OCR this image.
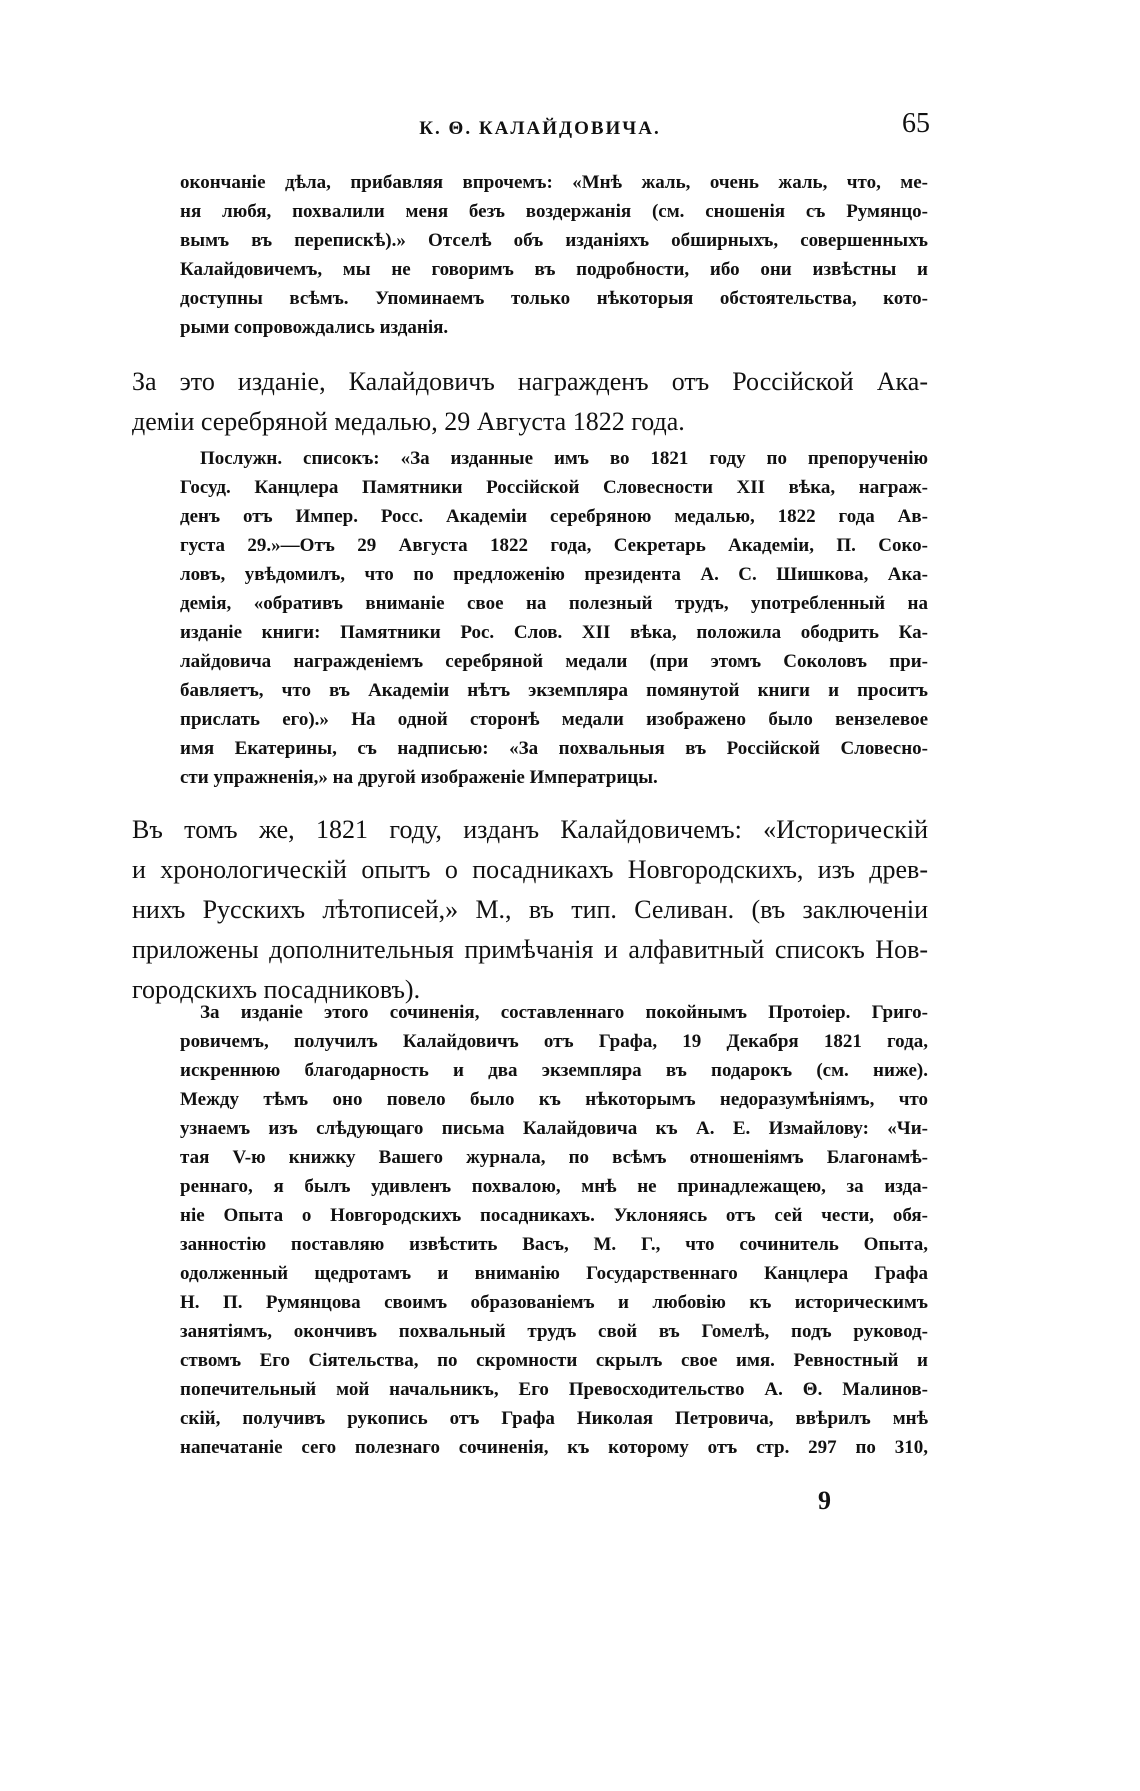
К. Θ. КАЛАЙДОВИЧА.	65
окончаніе дѣла, прибавляя впрочемъ: «Мнѣ жаль, очень жаль, что, ме-
ня любя, похвалили меня безъ воздержанія (см. сношенія съ Румянцо-
вымъ въ перепискѣ).» Отселѣ объ изданіяхъ обширныхъ, совершенныхъ
Калайдовичемъ, мы не говоримъ въ подробности, ибо они извѣстны и
доступны всѣмъ. Упоминаемъ только нѣкоторыя обстоятельства, кото-
рыми сопровождались изданія.
За это изданіе, Калайдовичъ награжденъ отъ Россійской Ака-
деміи серебряной медалью, 29 Августа 1822 года.
Послужн. списокъ: «За изданные имъ во 1821 году по препорученію
Госуд. Канцлера Памятники Россійской Словесности XII вѣка, награж-
денъ отъ Импер. Росс. Академіи серебряною медалью, 1822 года Ав-
густа 29.»—Отъ 29 Августа 1822 года, Секретарь Академіи, П. Соко-
ловъ, увѣдомилъ, что по предложенію президента А. С. Шишкова, Ака-
демія, «обративъ вниманіе свое на полезный трудъ, употребленный на
изданіе книги: Памятники Рос. Слов. XII вѣка, положила ободрить Ка-
лайдовича награжденіемъ серебряной медали (при этомъ Соколовъ при-
бавляетъ, что въ Академіи нѣтъ экземпляра помянутой книги и проситъ
прислать его).» На одной сторонѣ медали изображено было вензелевое
имя Екатерины, съ надписью: «За похвальныя въ Россійской Словесно-
сти упражненія,» на другой изображеніе Императрицы.
Въ томъ же, 1821 году, изданъ Калайдовичемъ: «Историческій
и хронологическій опытъ о посадникахъ Новгородскихъ, изъ древ-
нихъ Русскихъ лѣтописей,» М., въ тип. Селиван. (въ заключеніи
приложены дополнительныя примѣчанія и алфавитный списокъ Нов-
городскихъ посадниковъ).
За изданіе этого сочиненія, составленнаго покойнымъ Протоіер. Григо-
ровичемъ, получилъ Калайдовичъ отъ Графа, 19 Декабря 1821 года,
искреннюю благодарность и два экземпляра въ подарокъ (см. ниже).
Между тѣмъ оно повело было къ нѣкоторымъ недоразумѣніямъ, что
узнаемъ изъ слѣдующаго письма Калайдовича къ А. Е. Измайлову: «Чи-
тая V-ю книжку Вашего журнала, по всѣмъ отношеніямъ Благонамѣ-
реннаго, я былъ удивленъ похвалою, мнѣ не принадлежащею, за изда-
ніе Опыта о Новгородскихъ посадникахъ. Уклоняясь отъ сей чести, обя-
занностію поставляю извѣстить Васъ, М. Г., что сочинитель Опыта,
одолженный щедротамъ и вниманію Государственнаго Канцлера Графа
Н. П. Румянцова своимъ образованіемъ и любовію къ историческимъ
занятіямъ, окончивъ похвальный трудъ свой въ Гомелѣ, подъ руковод-
ствомъ Его Сіятельства, по скромности скрылъ свое имя. Ревностный и
попечительный мой начальникъ, Его Превосходительство А. Θ. Малинов-
скій, получивъ рукопись отъ Графа Николая Петровича, ввѣрилъ мнѣ
напечатаніе сего полезнаго сочиненія, къ которому отъ стр. 297 по 310,
9
